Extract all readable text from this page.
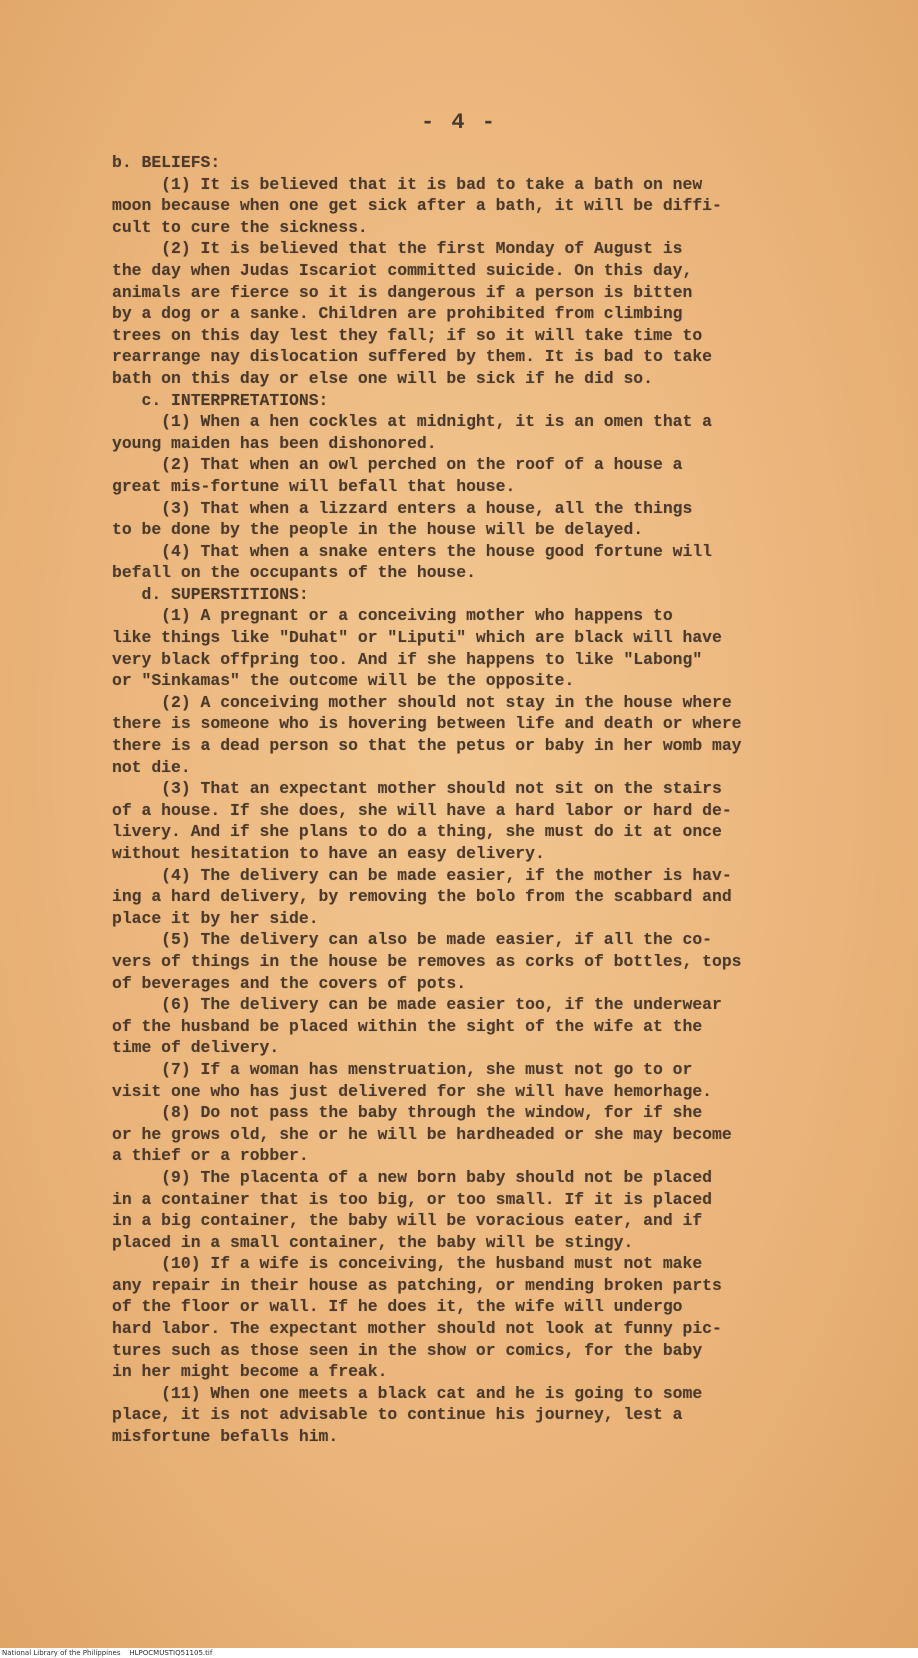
- 4 -
b. BELIEFS:
(1) It is believed that it is bad to take a bath on new
moon because when one get sick after a bath, it will be diffi-
cult to cure the sickness.
(2) It is believed that the first Monday of August is
the day when Judas Iscariot committed suicide. On this day,
animals are fierce so it is dangerous if a person is bitten
by a dog or a sanke. Children are prohibited from climbing
trees on this day lest they fall; if so it will take time to
rearrange nay dislocation suffered by them. It is bad to take
bath on this day or else one will be sick if he did so.
c. INTERPRETATIONS:
(1) When a hen cockles at midnight, it is an omen that a
young maiden has been dishonored.
(2) That when an owl perched on the roof of a house a
great mis-fortune will befall that house.
(3) That when a lizzard enters a house, all the things
to be done by the people in the house will be delayed.
(4) That when a snake enters the house good fortune will
befall on the occupants of the house.
d. SUPERSTITIONS:
(1) A pregnant or a conceiving mother who happens to
like things like "Duhat" or "Liputi" which are black will have
very black offpring too. And if she happens to like "Labong"
or "Sinkamas" the outcome will be the opposite.
(2) A conceiving mother should not stay in the house where
there is someone who is hovering between life and death or where
there is a dead person so that the petus or baby in her womb may
not die.
(3) That an expectant mother should not sit on the stairs
of a house. If she does, she will have a hard labor or hard de-
livery. And if she plans to do a thing, she must do it at once
without hesitation to have an easy delivery.
(4) The delivery can be made easier, if the mother is hav-
ing a hard delivery, by removing the bolo from the scabbard and
place it by her side.
(5) The delivery can also be made easier, if all the co-
vers of things in the house be removes as corks of bottles, tops
of beverages and the covers of pots.
(6) The delivery can be made easier too, if the underwear
of the husband be placed within the sight of the wife at the
time of delivery.
(7) If a woman has menstruation, she must not go to or
visit one who has just delivered for she will have hemorhage.
(8) Do not pass the baby through the window, for if she
or he grows old, she or he will be hardheaded or she may become
a thief or a robber.
(9) The placenta of a new born baby should not be placed
in a container that is too big, or too small. If it is placed
in a big container, the baby will be voracious eater, and if
placed in a small container, the baby will be stingy.
(10) If a wife is conceiving, the husband must not make
any repair in their house as patching, or mending broken parts
of the floor or wall. If he does it, the wife will undergo
hard labor. The expectant mother should not look at funny pic-
tures such as those seen in the show or comics, for the baby
in her might become a freak.
(11) When one meets a black cat and he is going to some
place, it is not advisable to continue his journey, lest a
misfortune befalls him.
National Library of the Philippines    HLPOCMUSTIQ51105.tif
